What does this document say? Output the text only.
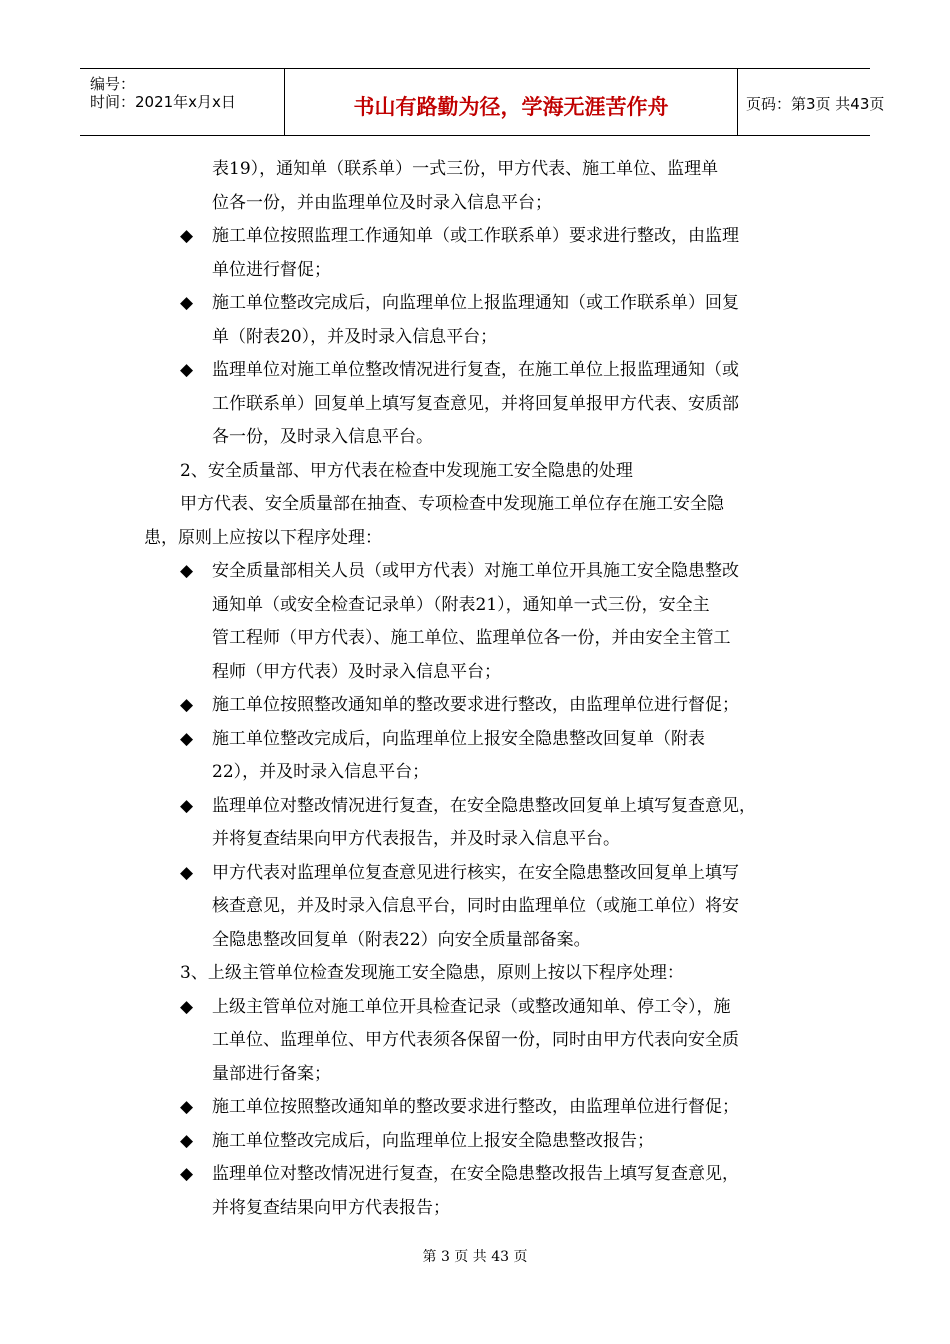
编号：
时间：2021年x月x日	书山有路勤为径，学海无涯苦作舟	页码：第3页 共43页
表19），通知单（联系单）一式三份，甲方代表、施工单位、监理单
位各一份，并由监理单位及时录入信息平台；
◆ 施工单位按照监理工作通知单（或工作联系单）要求进行整改，由监理
单位进行督促；
◆ 施工单位整改完成后，向监理单位上报监理通知（或工作联系单）回复
单（附表20），并及时录入信息平台；
◆ 监理单位对施工单位整改情况进行复查，在施工单位上报监理通知（或
工作联系单）回复单上填写复查意见，并将回复单报甲方代表、安质部
各一份，及时录入信息平台。
2、安全质量部、甲方代表在检查中发现施工安全隐患的处理
甲方代表、安全质量部在抽查、专项检查中发现施工单位存在施工安全隐
患，原则上应按以下程序处理：
◆ 安全质量部相关人员（或甲方代表）对施工单位开具施工安全隐患整改
通知单（或安全检查记录单）（附表21），通知单一式三份，安全主
管工程师（甲方代表）、施工单位、监理单位各一份，并由安全主管工
程师（甲方代表）及时录入信息平台；
◆ 施工单位按照整改通知单的整改要求进行整改，由监理单位进行督促；
◆ 施工单位整改完成后，向监理单位上报安全隐患整改回复单（附表
22），并及时录入信息平台；
◆ 监理单位对整改情况进行复查，在安全隐患整改回复单上填写复查意见，
并将复查结果向甲方代表报告，并及时录入信息平台。
◆ 甲方代表对监理单位复查意见进行核实，在安全隐患整改回复单上填写
核查意见，并及时录入信息平台，同时由监理单位（或施工单位）将安
全隐患整改回复单（附表22）向安全质量部备案。
3、上级主管单位检查发现施工安全隐患，原则上按以下程序处理：
◆ 上级主管单位对施工单位开具检查记录（或整改通知单、停工令），施
工单位、监理单位、甲方代表须各保留一份，同时由甲方代表向安全质
量部进行备案；
◆ 施工单位按照整改通知单的整改要求进行整改，由监理单位进行督促；
◆ 施工单位整改完成后，向监理单位上报安全隐患整改报告；
◆ 监理单位对整改情况进行复查，在安全隐患整改报告上填写复查意见，
并将复查结果向甲方代表报告；
第 3 页 共 43 页
